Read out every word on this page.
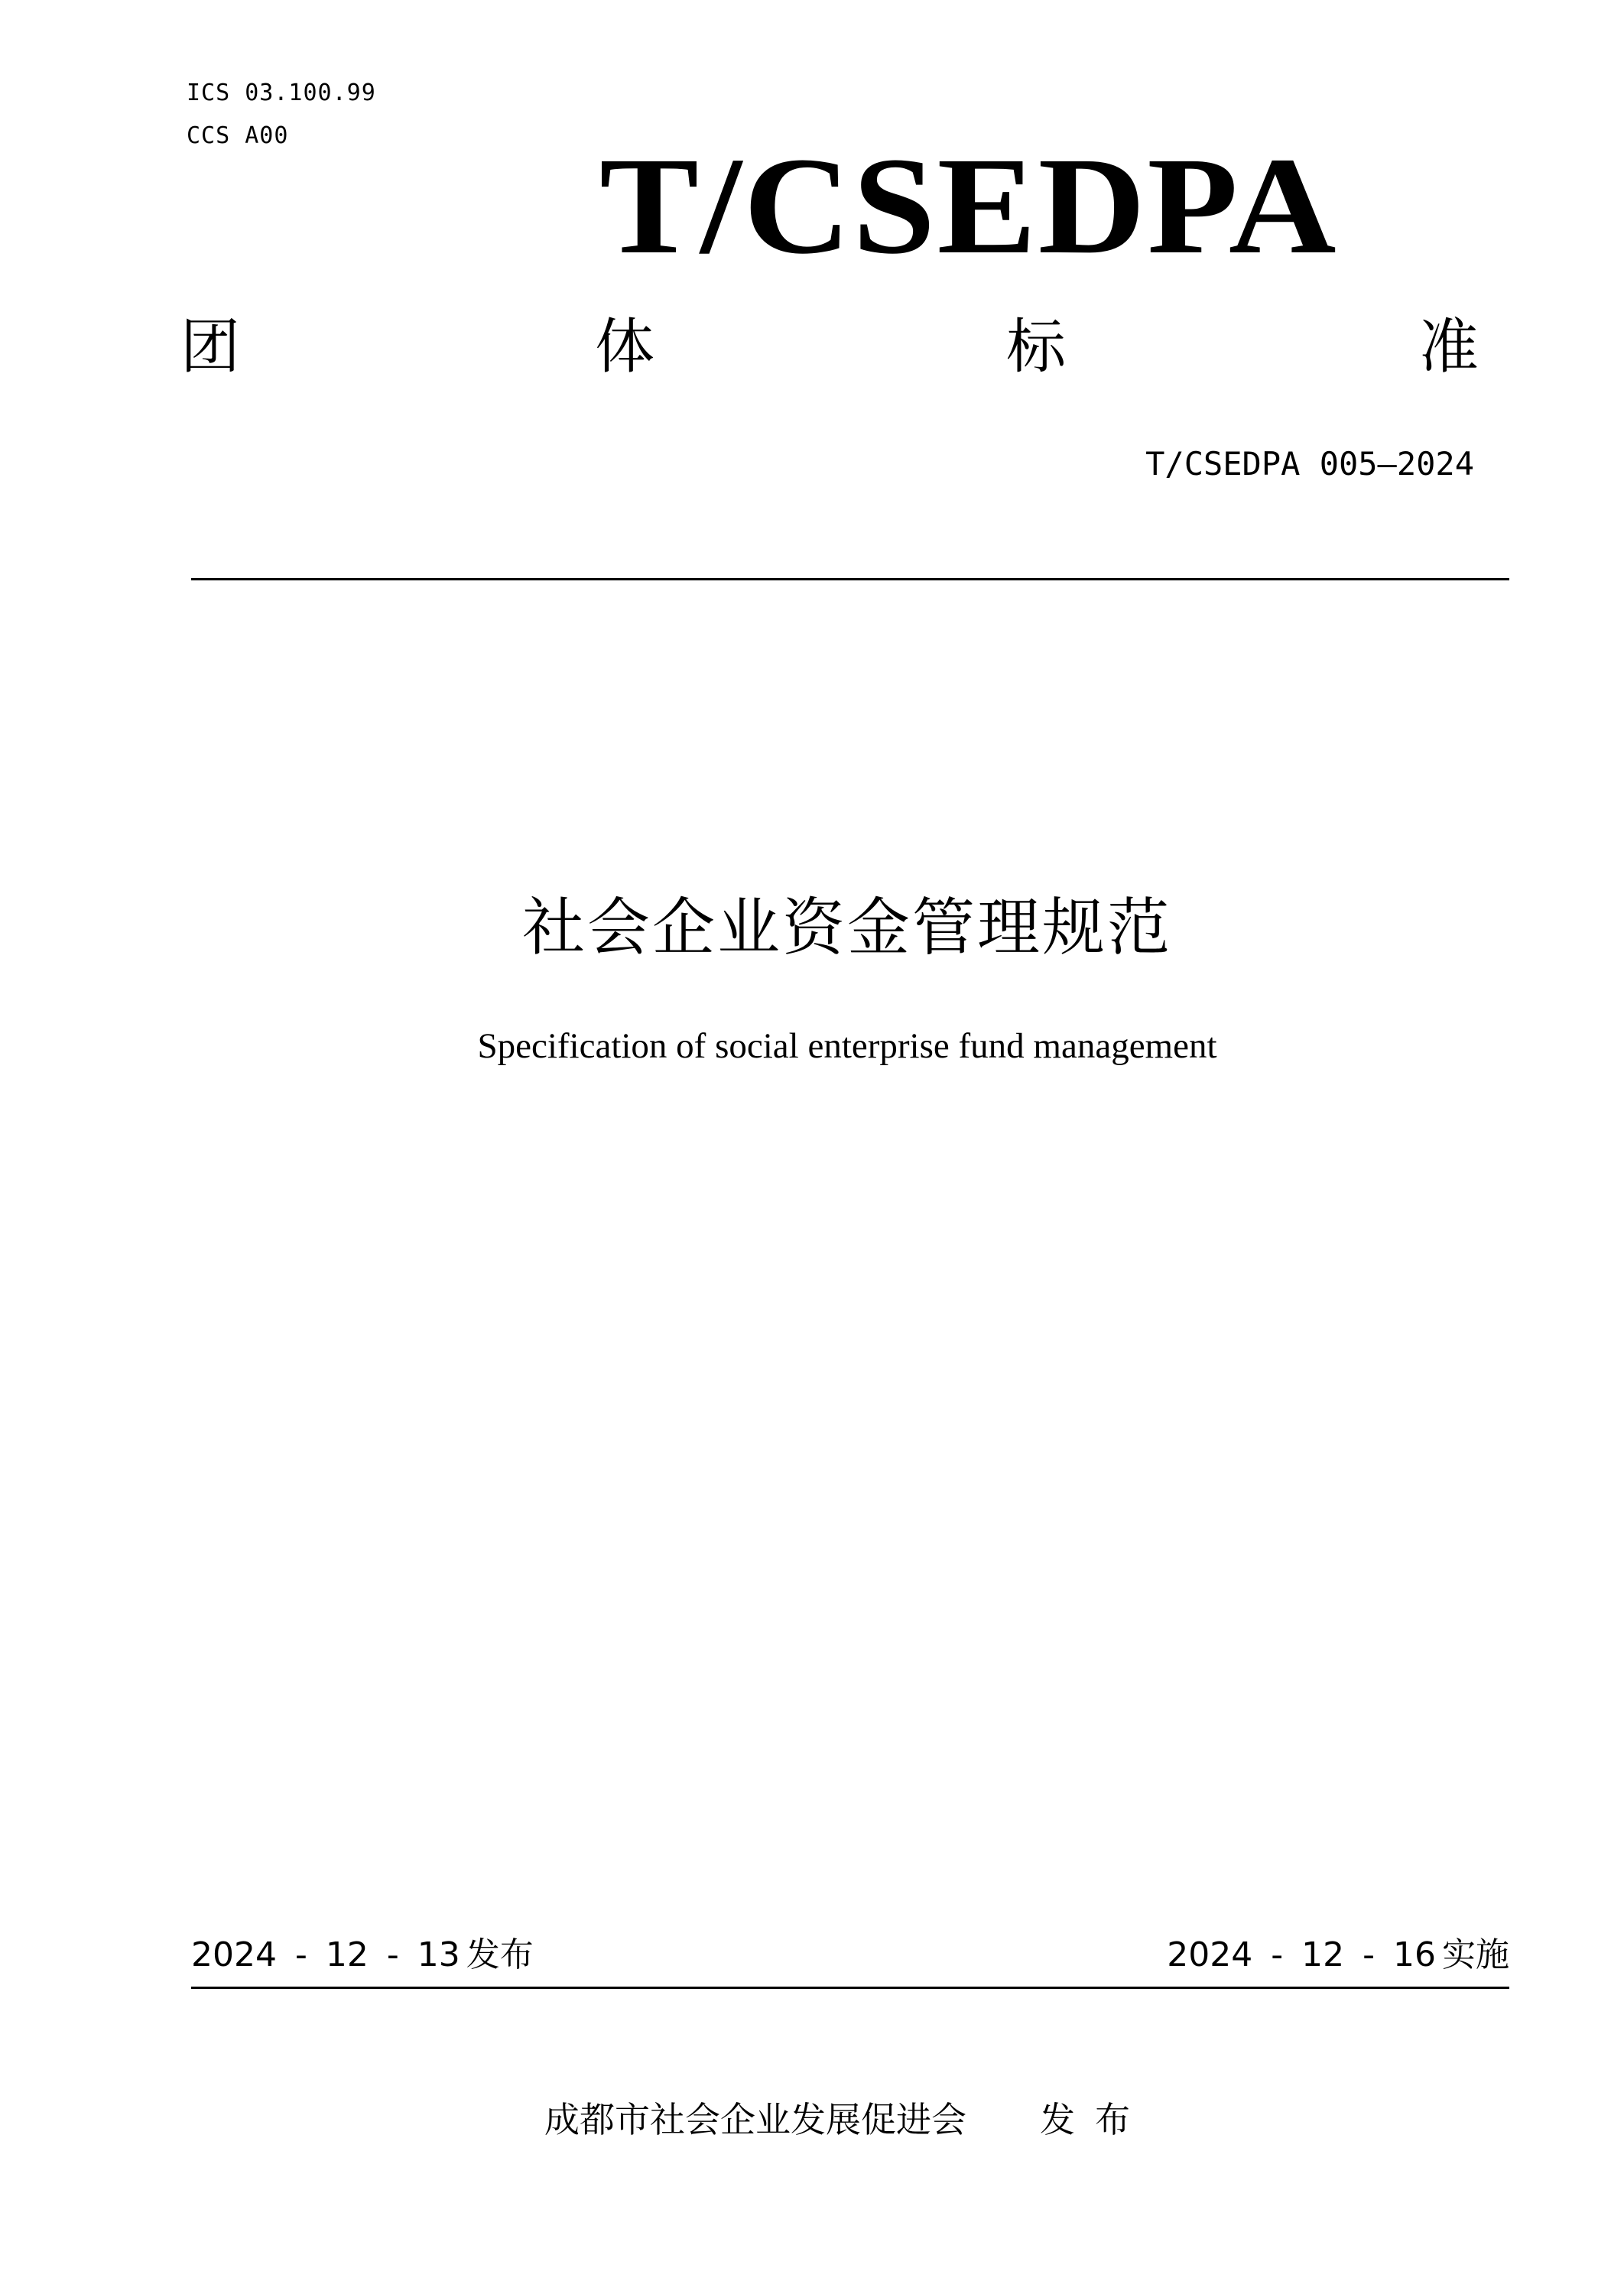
ICS 03.100.99
CCS A00 T/CSEDPA
团	体	标	准
T/CSEDPA 005—2024
社会企业资金管理规范
Specification of social enterprise fund management
2024 - 12 - 13 发布	2024 - 12 - 16 实施
成都市社会企业发展促进会 发布
